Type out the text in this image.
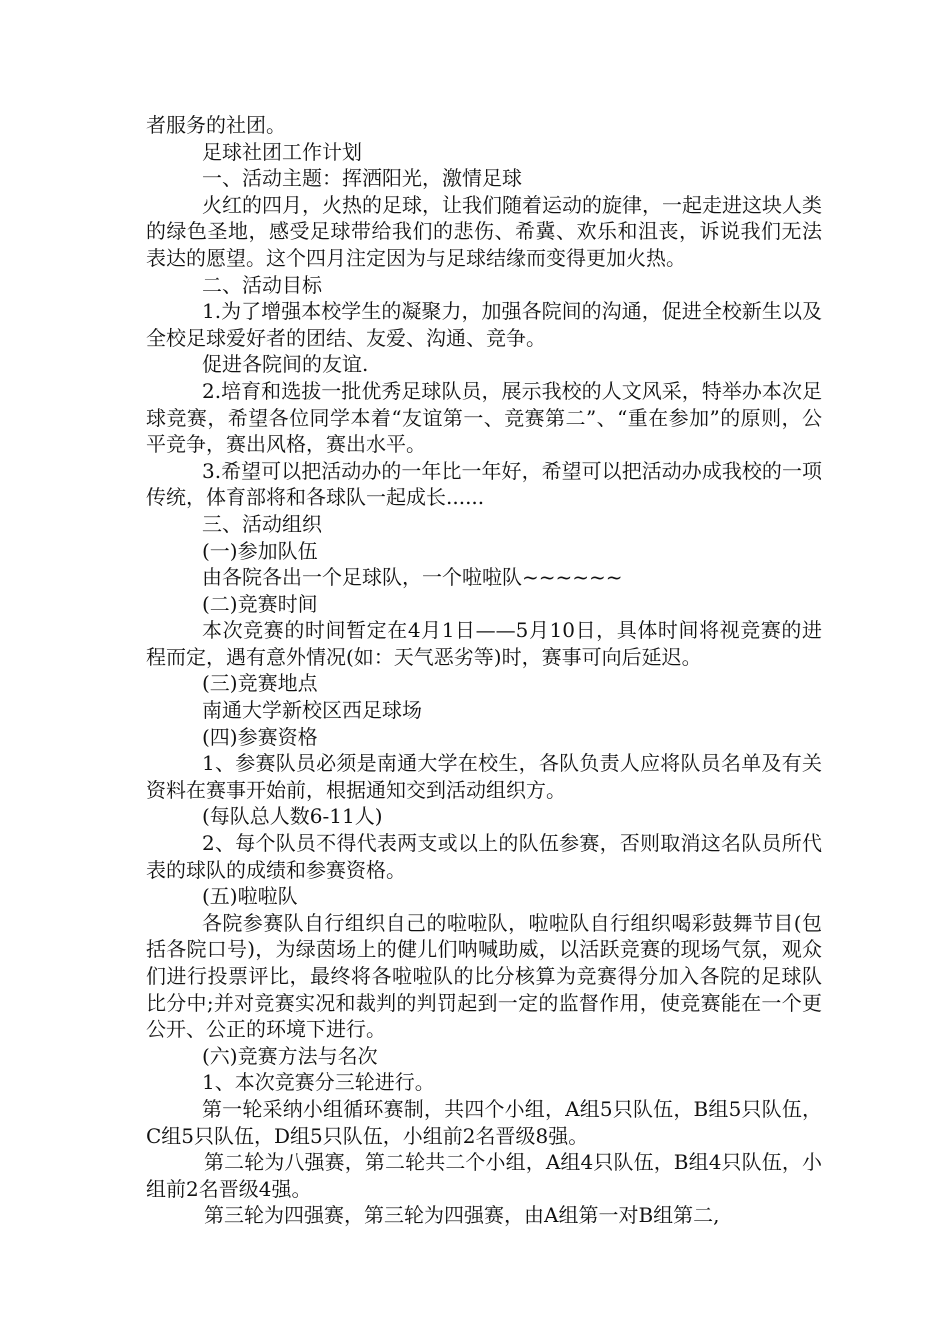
者服务的社团。

足球社团工作计划

一、活动主题：挥洒阳光，激情足球

火红的四月，火热的足球，让我们随着运动的旋律，一起走进这块人类的绿色圣地，感受足球带给我们的悲伤、希冀、欢乐和沮丧，诉说我们无法表达的愿望。这个四月注定因为与足球结缘而变得更加火热。

二、活动目标

1.为了增强本校学生的凝聚力，加强各院间的沟通，促进全校新生以及全校足球爱好者的团结、友爱、沟通、竞争。

促进各院间的友谊.

2.培育和选拔一批优秀足球队员，展示我校的人文风采，特举办本次足球竞赛，希望各位同学本着“友谊第一、竞赛第二”、“重在参加”的原则，公平竞争，赛出风格，赛出水平。

3.希望可以把活动办的一年比一年好，希望可以把活动办成我校的一项传统，体育部将和各球队一起成长......

三、活动组织

(一)参加队伍

由各院各出一个足球队，一个啦啦队~~~~~~

(二)竞赛时间

本次竞赛的时间暂定在4月1日——5月10日，具体时间将视竞赛的进程而定，遇有意外情况(如：天气恶劣等)时，赛事可向后延迟。

(三)竞赛地点

南通大学新校区西足球场

(四)参赛资格

1、参赛队员必须是南通大学在校生，各队负责人应将队员名单及有关资料在赛事开始前，根据通知交到活动组织方。

(每队总人数6-11人)

2、每个队员不得代表两支或以上的队伍参赛，否则取消这名队员所代表的球队的成绩和参赛资格。

(五)啦啦队

各院参赛队自行组织自己的啦啦队，啦啦队自行组织喝彩鼓舞节目(包括各院口号)，为绿茵场上的健儿们呐喊助威，以活跃竞赛的现场气氛，观众们进行投票评比，最终将各啦啦队的比分核算为竞赛得分加入各院的足球队比分中;并对竞赛实况和裁判的判罚起到一定的监督作用，使竞赛能在一个更公开、公正的环境下进行。

(六)竞赛方法与名次

1、本次竞赛分三轮进行。

第一轮采纳小组循环赛制，共四个小组，A组5只队伍，B组5只队伍，C组5只队伍，D组5只队伍，小组前2名晋级8强。

第二轮为八强赛，第二轮共二个小组，A组4只队伍，B组4只队伍，小组前2名晋级4强。

第三轮为四强赛，第三轮为四强赛，由A组第一对B组第二,
